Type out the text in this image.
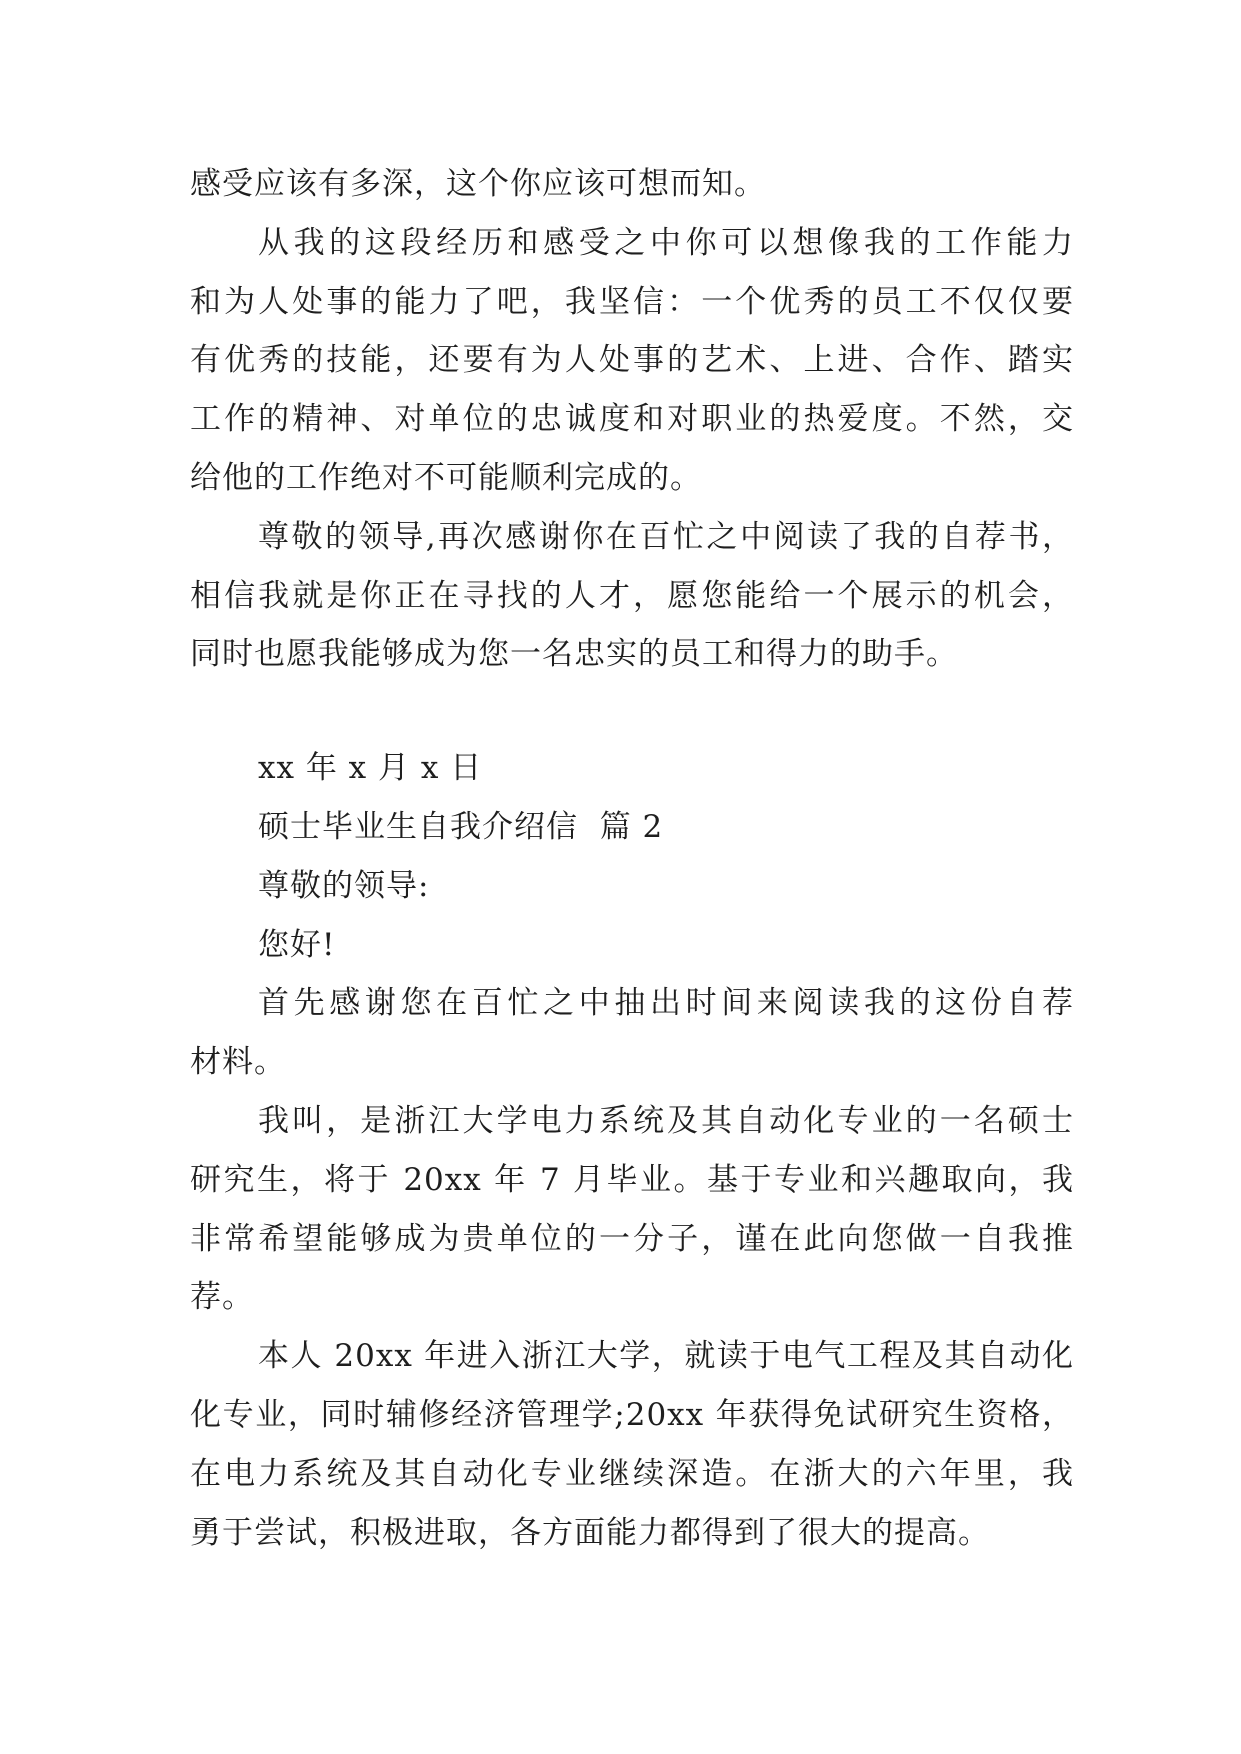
感受应该有多深，这个你应该可想而知。
从我的这段经历和感受之中你可以想像我的工作能力
和为人处事的能力了吧，我坚信：一个优秀的员工不仅仅要
有优秀的技能，还要有为人处事的艺术、上进、合作、踏实
工作的精神、对单位的忠诚度和对职业的热爱度。不然，交
给他的工作绝对不可能顺利完成的。
尊敬的领导,再次感谢你在百忙之中阅读了我的自荐书，
相信我就是你正在寻找的人才，愿您能给一个展示的机会，
同时也愿我能够成为您一名忠实的员工和得力的助手。
xx 年 x 月 x 日
硕士毕业生自我介绍信  篇 2
尊敬的领导:
您好!
首先感谢您在百忙之中抽出时间来阅读我的这份自荐
材料。
我叫，是浙江大学电力系统及其自动化专业的一名硕士
研究生，将于 20xx 年 7 月毕业。基于专业和兴趣取向，我
非常希望能够成为贵单位的一分子，谨在此向您做一自我推
荐。
本人 20xx 年进入浙江大学，就读于电气工程及其自动化
化专业，同时辅修经济管理学;20xx 年获得免试研究生资格，
在电力系统及其自动化专业继续深造。在浙大的六年里，我
勇于尝试，积极进取，各方面能力都得到了很大的提高。
